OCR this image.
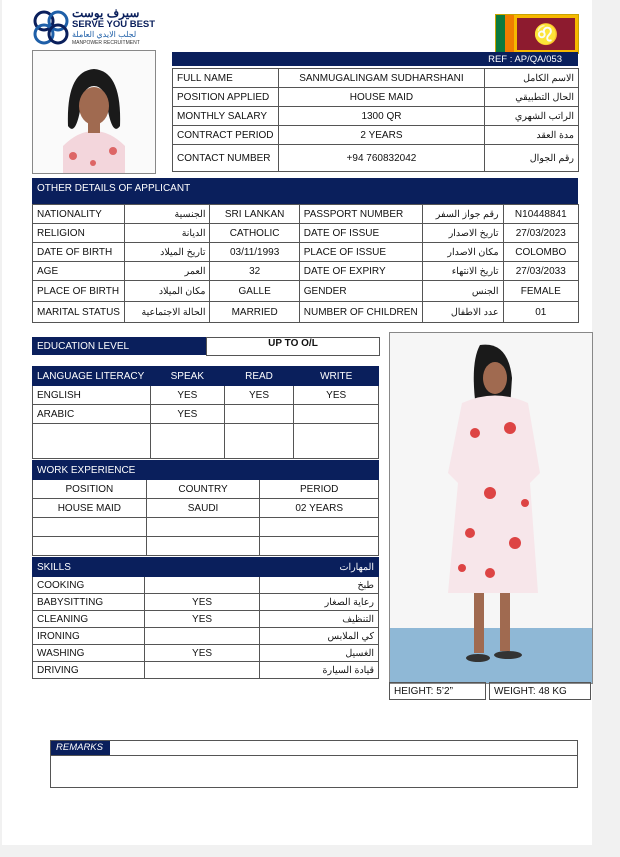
سيرف يوست
SERVE YOU BEST
لجلب الايدي العاملة
MANPOWER RECRUITMENT	♌
REF : AP/QA/053
FULL NAME	SANMUGALINGAM SUDHARSHANI	الاسم الكامل
POSITION APPLIED	HOUSE MAID	الحال التطبيقي
MONTHLY SALARY	1300 QR	الراتب الشهري
CONTRACT PERIOD	2 YEARS	مدة العقد
CONTACT NUMBER	+94 760832042	رقم الجوال
OTHER DETAILS OF APPLICANT
NATIONALITY	الجنسية	SRI LANKAN	PASSPORT NUMBER	رقم جواز السفر	N10448841
RELIGION	الديانة	CATHOLIC	DATE OF ISSUE	تاريخ الاصدار	27/03/2023
DATE OF BIRTH	تاريخ الميلاد	03/11/1993	PLACE OF ISSUE	مكان الاصدار	COLOMBO
AGE	العمر	32	DATE OF EXPIRY	تاريخ الانتهاء	27/03/2033
PLACE OF BIRTH	مكان الميلاد	GALLE	GENDER	الجنس	FEMALE
MARITAL STATUS	الحالة الاجتماعية	MARRIED	NUMBER OF CHILDREN	عدد الاطفال	01
EDUCATION LEVEL	UP TO O/L
LANGUAGE LITERACY	SPEAK	READ	WRITE
ENGLISH	YES	YES	YES
ARABIC	YES		

WORK EXPERIENCE		
POSITION	COUNTRY	PERIOD
HOUSE MAID	SAUDI	02 YEARS

SKILLS		المهارات
COOKING		طبخ
BABYSITTING	YES	رعاية الصغار
CLEANING	YES	التنظيف
IRONING		كي الملابس
WASHING	YES	الغسيل
DRIVING		قيادة السيارة
HEIGHT: 5’2”	WEIGHT: 48 KG
REMARKS
